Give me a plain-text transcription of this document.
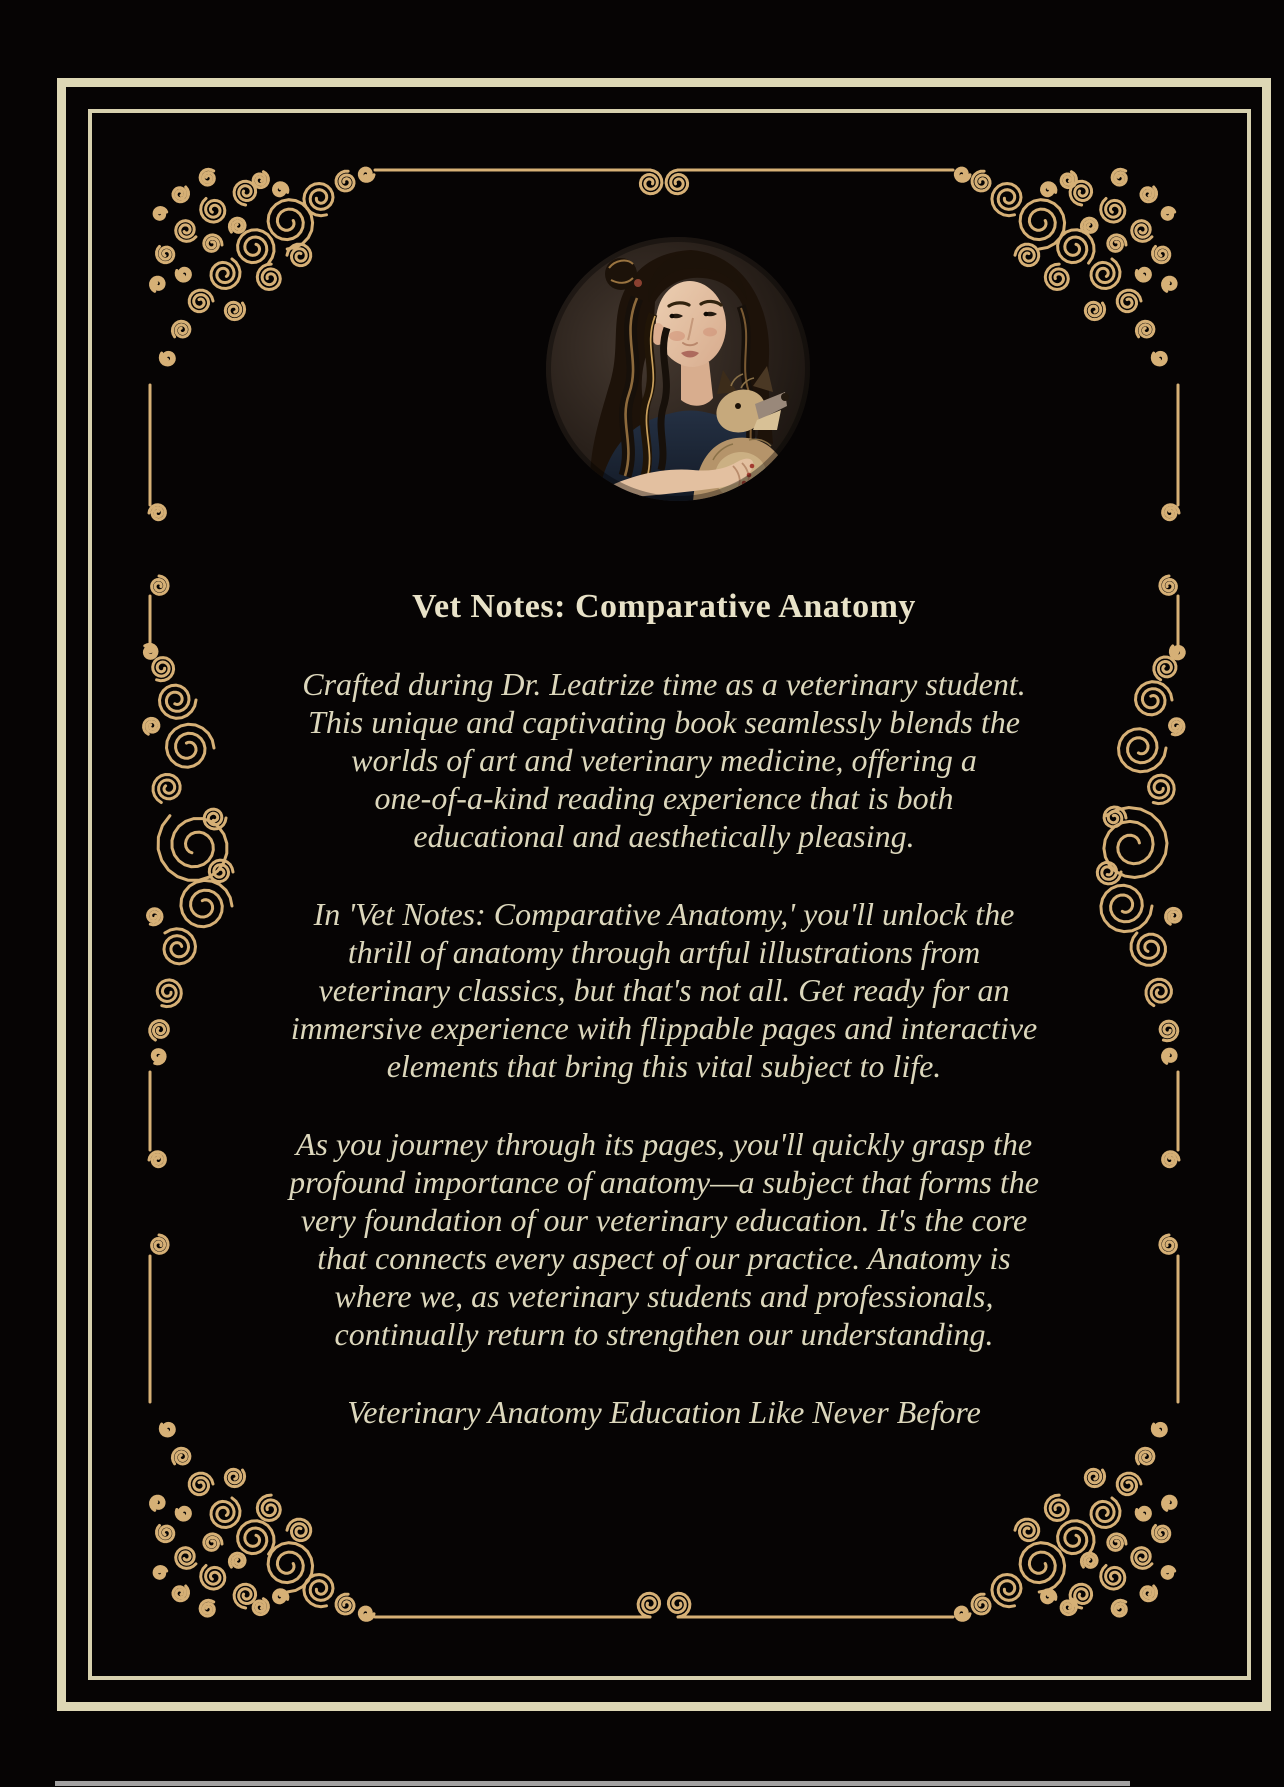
Vet Notes: Comparative Anatomy
Crafted during Dr. Leatrize time as a veterinary student.
This unique and captivating book seamlessly blends the
worlds of art and veterinary medicine, offering a
one-of-a-kind reading experience that is both
educational and aesthetically pleasing.
In 'Vet Notes: Comparative Anatomy,' you'll unlock the
thrill of anatomy through artful illustrations from
veterinary classics, but that's not all. Get ready for an
immersive experience with flippable pages and interactive
elements that bring this vital subject to life.
As you journey through its pages, you'll quickly grasp the
profound importance of anatomy—a subject that forms the
very foundation of our veterinary education. It's the core
that connects every aspect of our practice. Anatomy is
where we, as veterinary students and professionals,
continually return to strengthen our understanding.
Veterinary Anatomy Education Like Never Before
